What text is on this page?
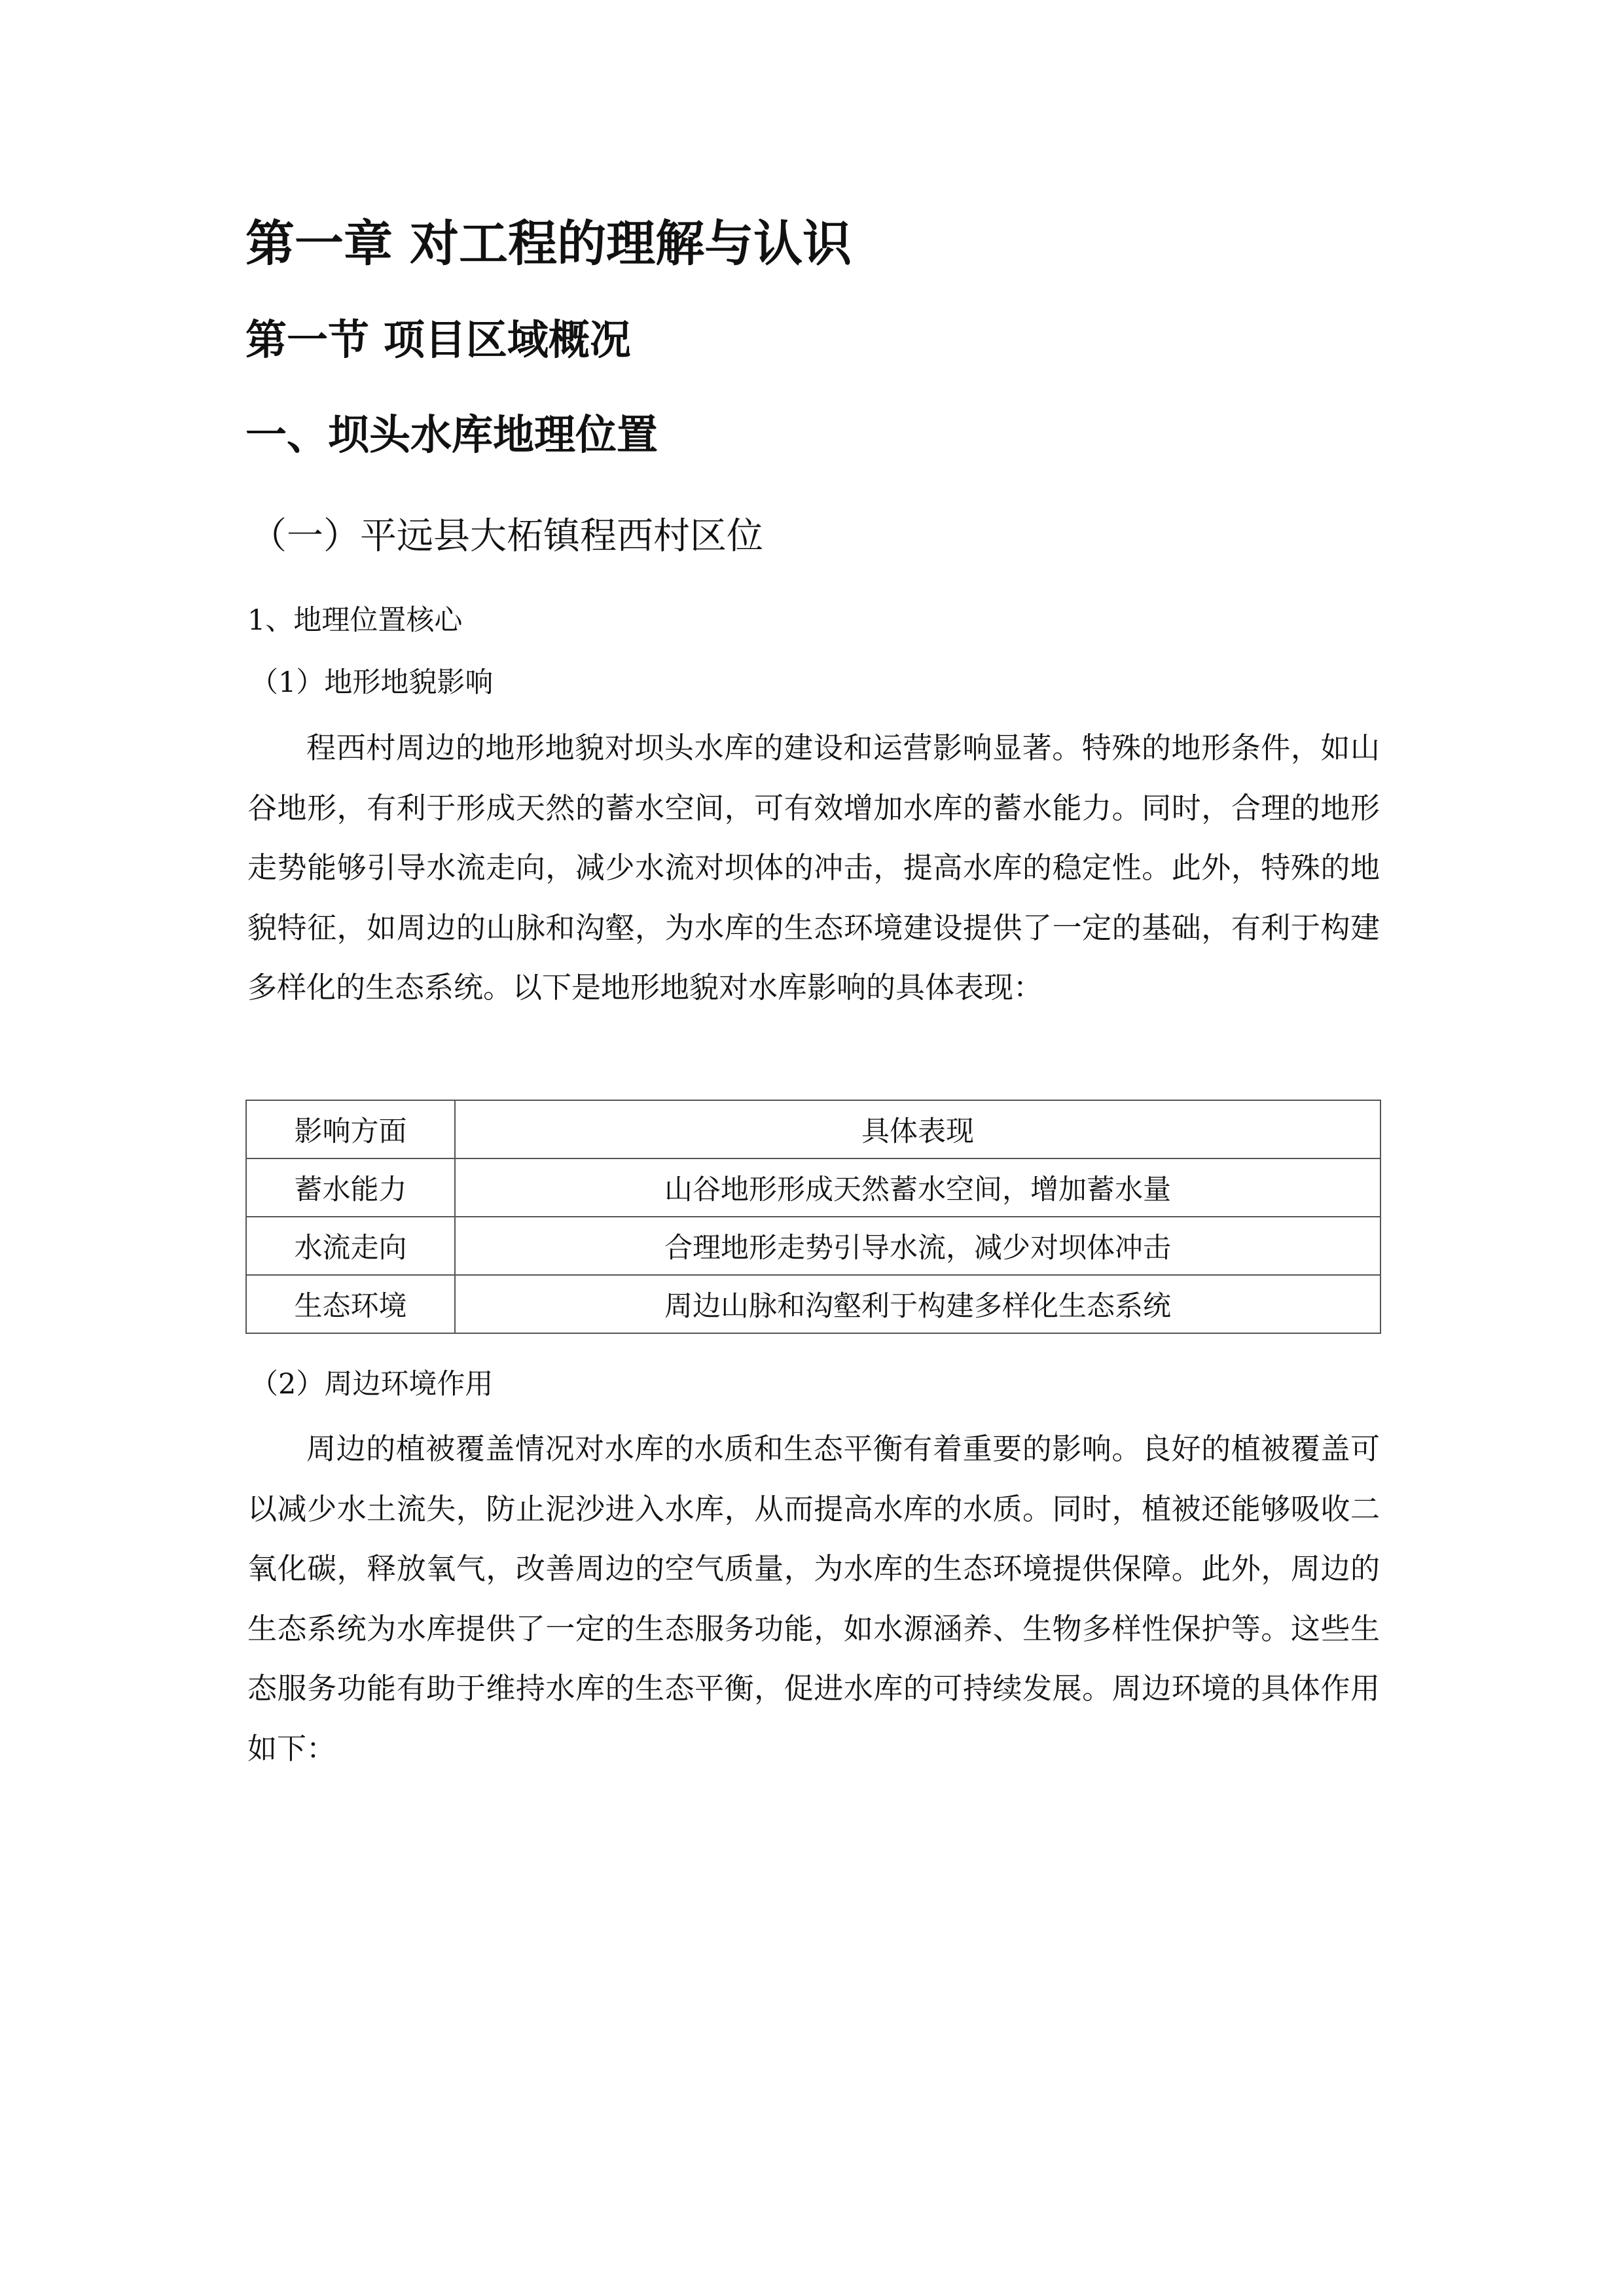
第一章 对工程的理解与认识
第一节 项目区域概况
一、坝头水库地理位置
（一）平远县大柘镇程西村区位
1、地理位置核心
（1）地形地貌影响

程西村周边的地形地貌对坝头水库的建设和运营影响显著。特殊的地形条件，如山谷地形，有利于形成天然的蓄水空间，可有效增加水库的蓄水能力。同时，合理的地形走势能够引导水流走向，减少水流对坝体的冲击，提高水库的稳定性。此外，特殊的地貌特征，如周边的山脉和沟壑，为水库的生态环境建设提供了一定的基础，有利于构建多样化的生态系统。以下是地形地貌对水库影响的具体表现：

影响方面	具体表现
蓄水能力	山谷地形形成天然蓄水空间，增加蓄水量
水流走向	合理地形走势引导水流，减少对坝体冲击
生态环境	周边山脉和沟壑利于构建多样化生态系统
（2）周边环境作用

周边的植被覆盖情况对水库的水质和生态平衡有着重要的影响。良好的植被覆盖可以减少水土流失，防止泥沙进入水库，从而提高水库的水质。同时，植被还能够吸收二氧化碳，释放氧气，改善周边的空气质量，为水库的生态环境提供保障。此外，周边的生态系统为水库提供了一定的生态服务功能，如水源涵养、生物多样性保护等。这些生态服务功能有助于维持水库的生态平衡，促进水库的可持续发展。周边环境的具体作用如下：
